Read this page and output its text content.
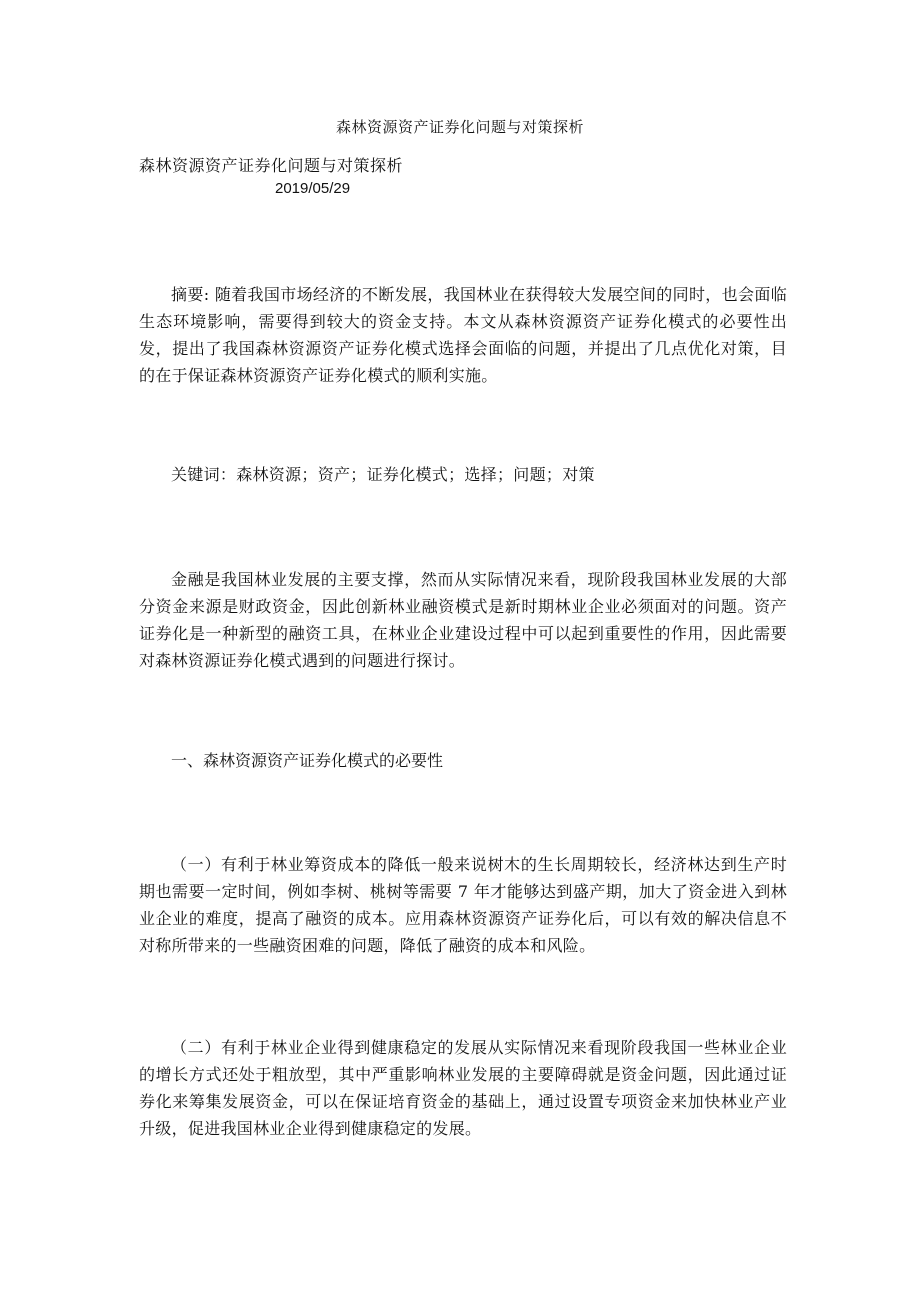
森林资源资产证券化问题与对策探析
森林资源资产证券化问题与对策探析
2019/05/29

摘要: 随着我国市场经济的不断发展，我国林业在获得较大发展空间的同时，也会面临生态环境影响，需要得到较大的资金支持。本文从森林资源资产证券化模式的必要性出发，提出了我国森林资源资产证券化模式选择会面临的问题，并提出了几点优化对策，目的在于保证森林资源资产证券化模式的顺利实施。

关键词：森林资源；资产；证券化模式；选择；问题；对策

金融是我国林业发展的主要支撑，然而从实际情况来看，现阶段我国林业发展的大部分资金来源是财政资金，因此创新林业融资模式是新时期林业企业必须面对的问题。资产证券化是一种新型的融资工具，在林业企业建设过程中可以起到重要性的作用，因此需要对森林资源证券化模式遇到的问题进行探讨。

一、森林资源资产证券化模式的必要性

（一）有利于林业筹资成本的降低一般来说树木的生长周期较长，经济林达到生产时期也需要一定时间，例如李树、桃树等需要 7 年才能够达到盛产期，加大了资金进入到林业企业的难度，提高了融资的成本。应用森林资源资产证券化后，可以有效的解决信息不对称所带来的一些融资困难的问题，降低了融资的成本和风险。

（二）有利于林业企业得到健康稳定的发展从实际情况来看现阶段我国一些林业企业的增长方式还处于粗放型，其中严重影响林业发展的主要障碍就是资金问题，因此通过证券化来筹集发展资金，可以在保证培育资金的基础上，通过设置专项资金来加快林业产业升级，促进我国林业企业得到健康稳定的发展。
